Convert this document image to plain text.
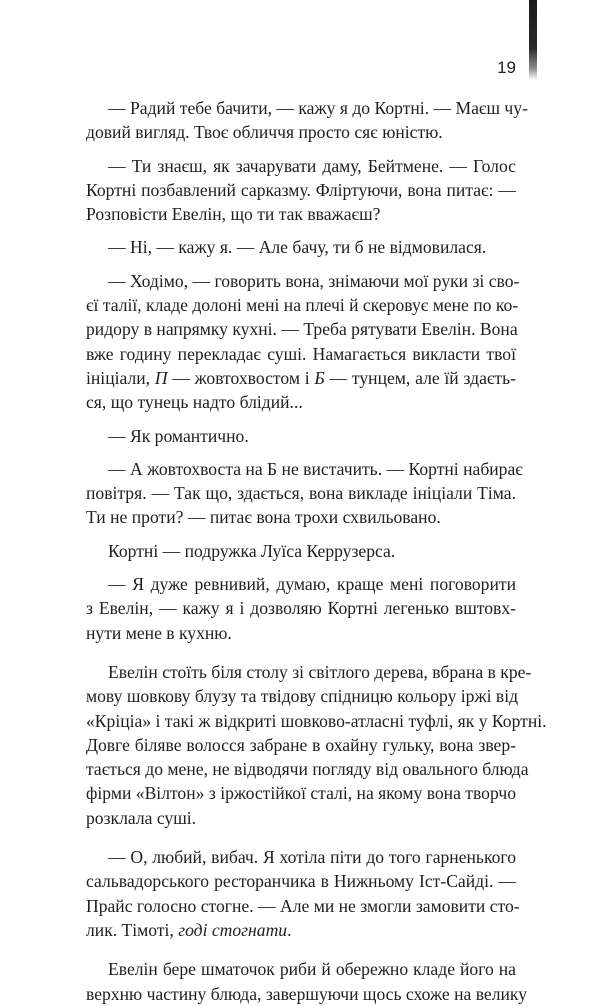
19
— Радий тебе бачити, — кажу я до Кортні. — Маєш чу-
довий вигляд. Твоє обличчя просто сяє юністю.
— Ти знаєш, як зачарувати даму, Бейтмене. — Голос
Кортні позбавлений сарказму. Фліртуючи, вона питає: —
Розповісти Евелін, що ти так вважаєш?
— Ні, — кажу я. — Але бачу, ти б не відмовилася.
— Ходімо, — говорить вона, знімаючи мої руки зі сво-
єї талії, кладе долоні мені на плечі й скеровує мене по ко-
ридору в напрямку кухні. — Треба рятувати Евелін. Вона
вже годину перекладає суші. Намагається викласти твої
ініціали, П — жовтохвостом і Б — тунцем, але їй здаєть-
ся, що тунець надто блідий...
— Як романтично.
— А жовтохвоста на Б не вистачить. — Кортні набирає
повітря. — Так що, здається, вона викладе ініціали Тіма.
Ти не проти? — питає вона трохи схвильовано.
Кортні — подружка Луїса Керрузерса.
— Я дуже ревнивий, думаю, краще мені поговорити
з Евелін, — кажу я і дозволяю Кортні легенько вштовх-
нути мене в кухню.
Евелін стоїть біля столу зі світлого дерева, вбрана в кре-
мову шовкову блузу та твідову спідницю кольору іржі від
«Кріціа» і такі ж відкриті шовково-атласні туфлі, як у Кортні.
Довге біляве волосся забране в охайну гульку, вона звер-
тається до мене, не відводячи погляду від овального блюда
фірми «Вілтон» з іржостійкої сталі, на якому вона творчо
розклала суші.
— О, любий, вибач. Я хотіла піти до того гарненького
сальвадорського ресторанчика в Нижньому Іст-Сайді. —
Прайс голосно стогне. — Але ми не змогли замовити сто-
лик. Тімоті, годі стогнати.
Евелін бере шматочок риби й обережно кладе його на
верхню частину блюда, завершуючи щось схоже на велику
